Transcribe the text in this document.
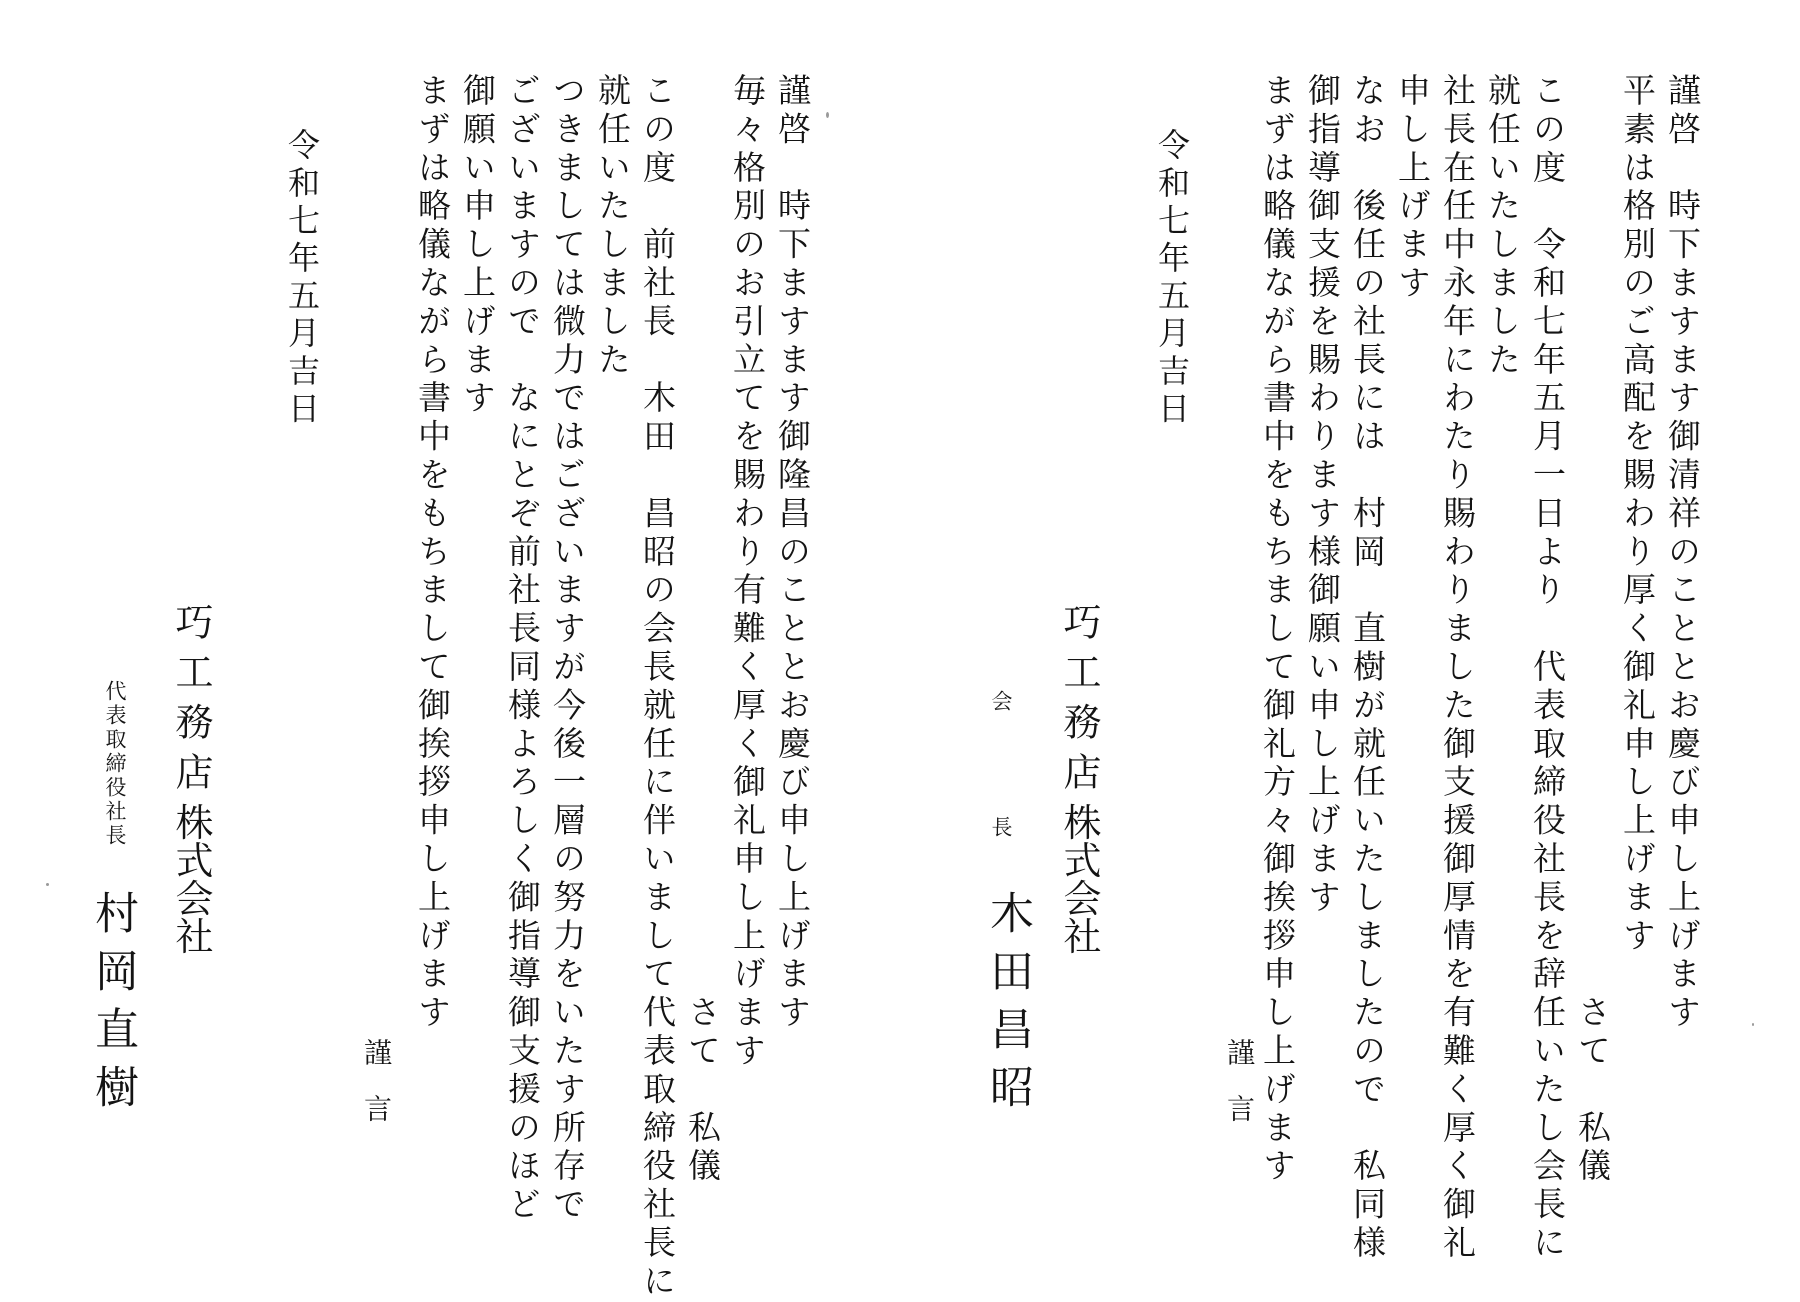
謹啓　時下ますます御清祥のこととお慶び申し上げます
平素は格別のご高配を賜わり厚く御礼申し上げます
　　　　　　　　　　　　　　　　　　　　　　　　さて　私儀
この度　令和七年五月一日より　代表取締役社長を辞任いたし会長に
就任いたしました
社長在任中永年にわたり賜わりました御支援御厚情を有難く厚く御礼
申し上げます
なお　後任の社長には　村岡　直樹が就任いたしましたので　私同様
御指導御支援を賜わります様御願い申し上げます
まずは略儀ながら書中をもちまして御礼方々御挨拶申し上げます
令和七年五月吉日
謹　言
巧 工 務 店 株式会社
会　長
木 田 昌 昭
謹啓　時下ますます御隆昌のこととお慶び申し上げます
毎々格別のお引立てを賜わり有難く厚く御礼申し上げます
　　　　　　　　　　　　　　　　　　　　　　　　さて　私儀
この度　前社長　木田　昌昭の会長就任に伴いまして代表取締役社長に
就任いたしました
つきましては微力ではございますが今後一層の努力をいたす所存で
ございますので　なにとぞ前社長同様よろしく御指導御支援のほど
御願い申し上げます
まずは略儀ながら書中をもちまして御挨拶申し上げます
令和七年五月吉日
謹　言
巧 工 務 店 株式会社
代表取締役社長
村 岡 直 樹
